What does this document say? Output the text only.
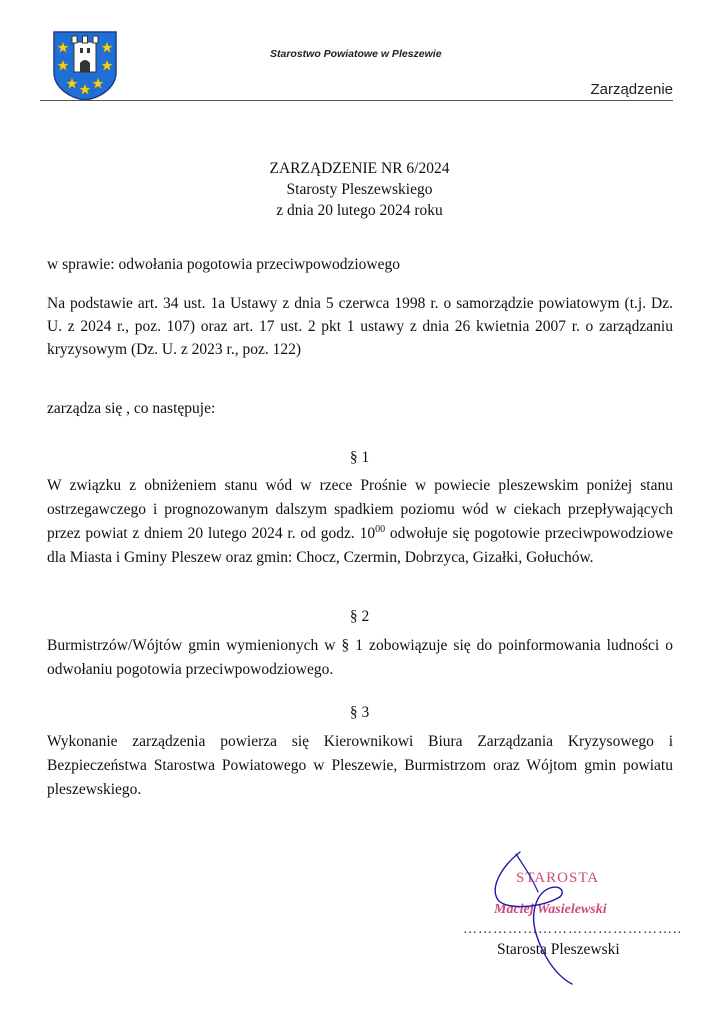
Starostwo Powiatowe w Pleszewie
Zarządzenie
ZARZĄDZENIE NR 6/2024
Starosty Pleszewskiego
z dnia 20 lutego 2024 roku
w sprawie: odwołania pogotowia przeciwpowodziowego
Na podstawie art. 34 ust. 1a Ustawy z dnia 5 czerwca 1998 r. o samorządzie powiatowym (t.j. Dz. U. z 2024 r., poz. 107) oraz art. 17 ust. 2 pkt 1 ustawy z dnia 26 kwietnia 2007 r. o zarządzaniu kryzysowym (Dz. U. z 2023 r., poz. 122)
zarządza się , co następuje:
§ 1
W związku z obniżeniem stanu wód w rzece Prośnie w powiecie pleszewskim poniżej stanu ostrzegawczego i prognozowanym dalszym spadkiem poziomu wód w ciekach przepływających przez powiat z dniem 20 lutego 2024 r. od godz. $10^{00}$ odwołuje się pogotowie przeciwpowodziowe dla Miasta i Gminy Pleszew oraz gmin: Chocz, Czermin, Dobrzyca, Gizałki, Gołuchów.
§ 2
Burmistrzów/Wójtów gmin wymienionych w § 1 zobowiązuje się do poinformowania ludności o odwołaniu pogotowia przeciwpowodziowego.
§ 3
Wykonanie zarządzenia powierza się Kierownikowi Biura Zarządzania Kryzysowego i Bezpieczeństwa Starostwa Powiatowego w Pleszewie, Burmistrzom oraz Wójtom gmin powiatu pleszewskiego.
STAROSTA
Maciej Wasielewski
……………………………………..
Starosta Pleszewski
